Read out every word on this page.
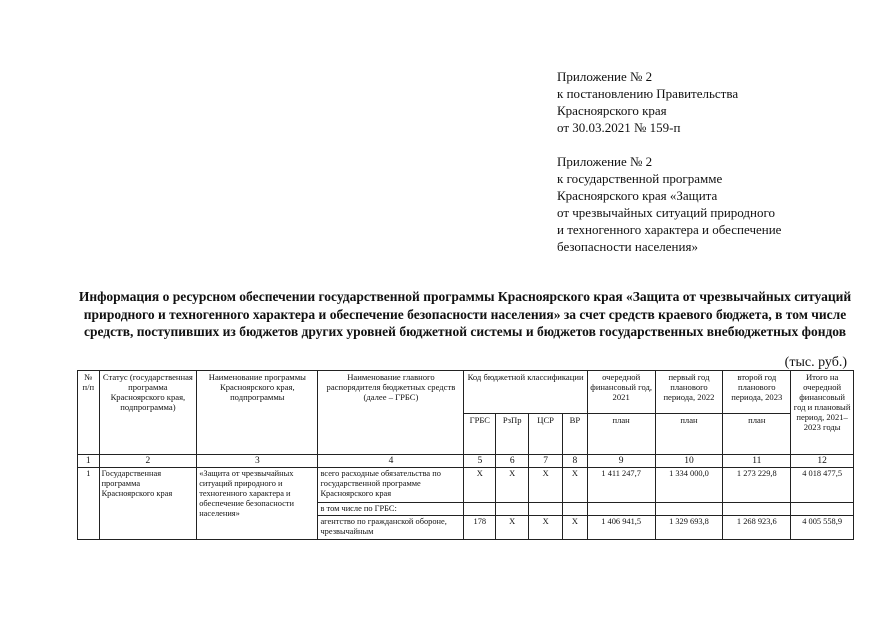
Приложение № 2
к постановлению Правительства
Красноярского края
от 30.03.2021 № 159-п
Приложение № 2
к государственной программе
Красноярского края «Защита
от чрезвычайных ситуаций природного
и техногенного характера и обеспечение
безопасности населения»
Информация о ресурсном обеспечении государственной программы Красноярского края «Защита от чрезвычайных ситуаций природного и техногенного характера и обеспечение безопасности населения» за счет средств краевого бюджета, в том числе средств, поступивших из бюджетов других уровней бюджетной системы и бюджетов государственных внебюджетных фондов
(тыс. руб.)
№ п/п	Статус (государственная программа Красноярского края, подпрограмма)	Наименование программы Красноярского края, подпрограммы	Наименование главного распорядителя бюджетных средств (далее – ГРБС)	Код бюджетной классификации				очередной финансовый год, 2021	первый год планового периода, 2022	второй год планового периода, 2023	Итого на очередной финансовый год и плановый период, 2021–2023 годы
				ГРБС	РзПр	ЦСР	ВР	план	план	план	
1	2	3	4	5	6	7	8	9	10	11	12
1	Государственная программа Красноярского края	«Защита от чрезвычайных ситуаций природного и техногенного характера и обеспечение безопасности населения»	всего расходные обязательства по государственной программе Красноярского края	X	X	X	X	1 411 247,7	1 334 000,0	1 273 229,8	4 018 477,5
			в том числе по ГРБС:								
			агентство по гражданской обороне, чрезвычайным	178	X	X	X	1 406 941,5	1 329 693,8	1 268 923,6	4 005 558,9
